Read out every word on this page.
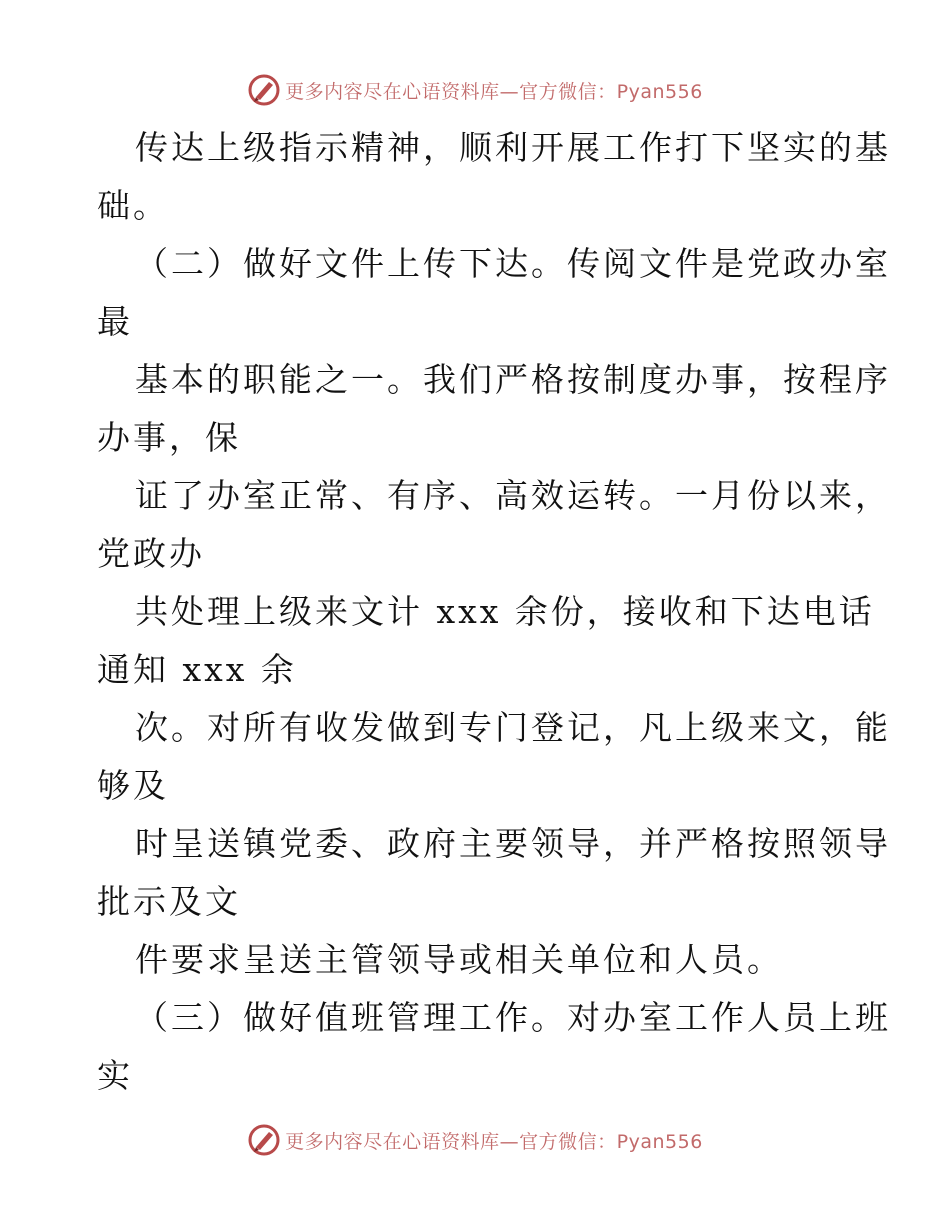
更多内容尽在心语资料库—官方微信：Pyan556
传达上级指示精神，顺利开展工作打下坚实的基
础。
（二）做好文件上传下达。传阅文件是党政办室
最
基本的职能之一。我们严格按制度办事，按程序
办事，保
证了办室正常、有序、高效运转。一月份以来，
党政办
共处理上级来文计 xxx 余份，接收和下达电话
通知 xxx 余
次。对所有收发做到专门登记，凡上级来文，能
够及
时呈送镇党委、政府主要领导，并严格按照领导
批示及文
件要求呈送主管领导或相关单位和人员。
（三）做好值班管理工作。对办室工作人员上班
实
更多内容尽在心语资料库—官方微信：Pyan556
